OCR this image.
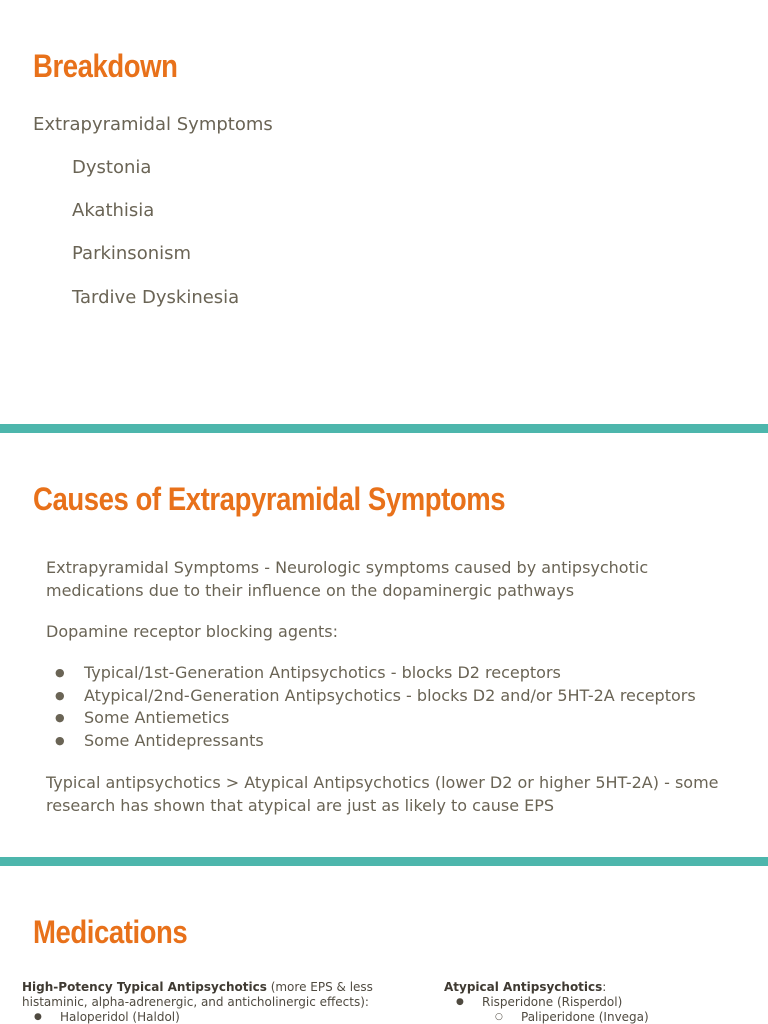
Breakdown
Extrapyramidal Symptoms
Dystonia
Akathisia
Parkinsonism
Tardive Dyskinesia
Causes of Extrapyramidal Symptoms

Extrapyramidal Symptoms - Neurologic symptoms caused by antipsychotic

medications due to their influence on the dopaminergic pathways

Dopamine receptor blocking agents:

● Typical/1st-Generation Antipsychotics - blocks D2 receptors
● Atypical/2nd-Generation Antipsychotics - blocks D2 and/or 5HT-2A receptors
● Some Antiemetics
● Some Antidepressants

Typical antipsychotics > Atypical Antipsychotics (lower D2 or higher 5HT-2A) - some

research has shown that atypical are just as likely to cause EPS

Medications
High-Potency Typical Antipsychotics (more EPS & less
histaminic, alpha-adrenergic, and anticholinergic effects):
● Haloperidol (Haldol)
Atypical Antipsychotics:
● Risperidone (Risperdol)
○ Paliperidone (Invega)
